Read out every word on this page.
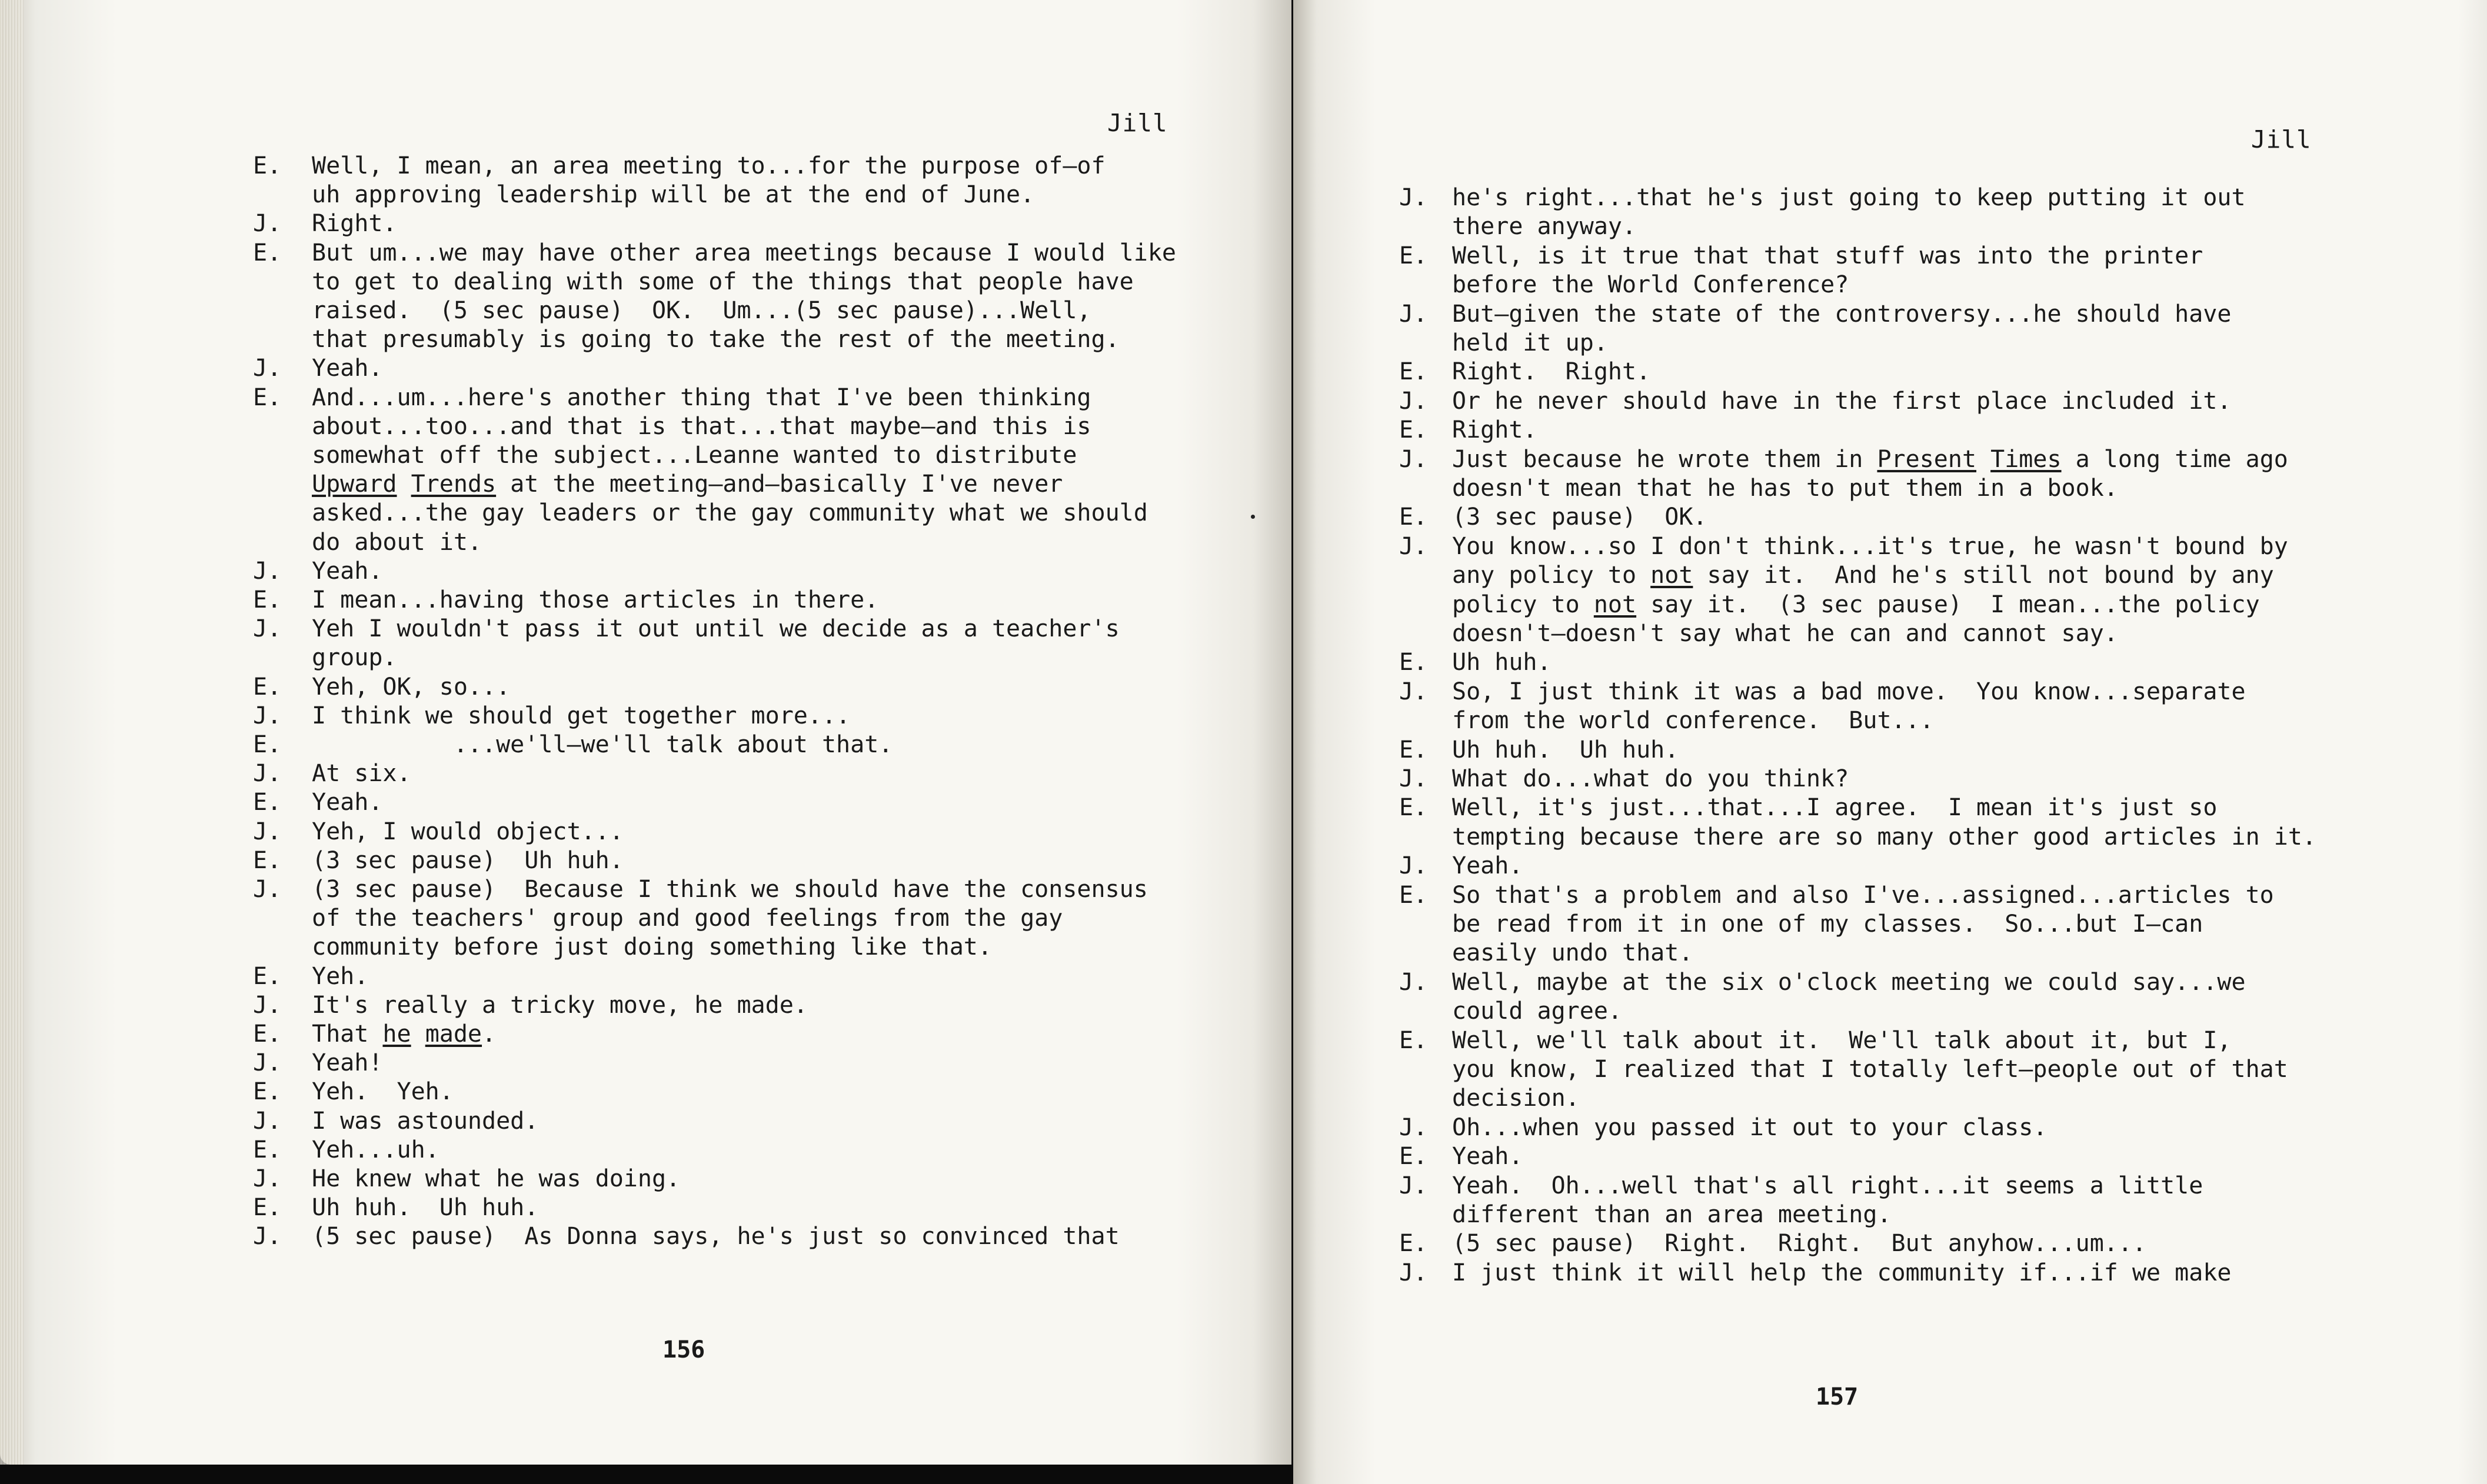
Jill
E. Well, I mean, an area meeting to...for the purpose of—of
uh approving leadership will be at the end of June.
J. Right.
E. But um...we may have other area meetings because I would like
to get to dealing with some of the things that people have
raised.  (5 sec pause)  OK.  Um...(5 sec pause)...Well,
that presumably is going to take the rest of the meeting.
J. Yeah.
E. And...um...here's another thing that I've been thinking
about...too...and that is that...that maybe—and this is
somewhat off the subject...Leanne wanted to distribute
Upward Trends at the meeting—and—basically I've never
asked...the gay leaders or the gay community what we should
do about it.
J. Yeah.
E. I mean...having those articles in there.
J. Yeh I wouldn't pass it out until we decide as a teacher's
group.
E. Yeh, OK, so...
J. I think we should get together more...
E. ...we'll—we'll talk about that.
J. At six.
E. Yeah.
J. Yeh, I would object...
E. (3 sec pause)  Uh huh.
J. (3 sec pause)  Because I think we should have the consensus
of the teachers' group and good feelings from the gay
community before just doing something like that.
E. Yeh.
J. It's really a tricky move, he made.
E. That he made.
J. Yeah!
E. Yeh.  Yeh.
J. I was astounded.
E. Yeh...uh.
J. He knew what he was doing.
E. Uh huh.  Uh huh.
J. (5 sec pause)  As Donna says, he's just so convinced that
156
Jill
J. he's right...that he's just going to keep putting it out
there anyway.
E. Well, is it true that that stuff was into the printer
before the World Conference?
J. But—given the state of the controversy...he should have
held it up.
E. Right.  Right.
J. Or he never should have in the first place included it.
E. Right.
J. Just because he wrote them in Present Times a long time ago
doesn't mean that he has to put them in a book.
E. (3 sec pause)  OK.
J. You know...so I don't think...it's true, he wasn't bound by
any policy to not say it.  And he's still not bound by any
policy to not say it.  (3 sec pause)  I mean...the policy
doesn't—doesn't say what he can and cannot say.
E. Uh huh.
J. So, I just think it was a bad move.  You know...separate
from the world conference.  But...
E. Uh huh.  Uh huh.
J. What do...what do you think?
E. Well, it's just...that...I agree.  I mean it's just so
tempting because there are so many other good articles in it.
J. Yeah.
E. So that's a problem and also I've...assigned...articles to
be read from it in one of my classes.  So...but I—can
easily undo that.
J. Well, maybe at the six o'clock meeting we could say...we
could agree.
E. Well, we'll talk about it.  We'll talk about it, but I,
you know, I realized that I totally left—people out of that
decision.
J. Oh...when you passed it out to your class.
E. Yeah.
J. Yeah.  Oh...well that's all right...it seems a little
different than an area meeting.
E. (5 sec pause)  Right.  Right.  But anyhow...um...
J. I just think it will help the community if...if we make
157
